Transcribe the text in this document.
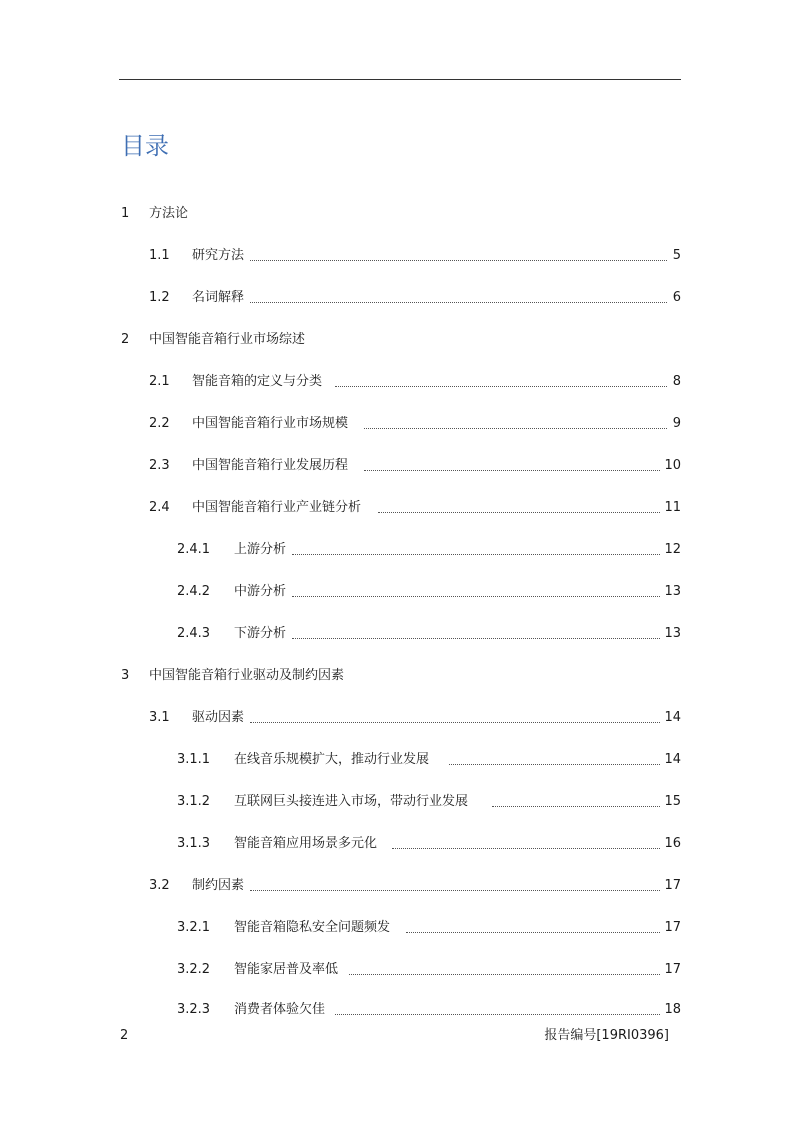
目录
1 方法论
1.1 研究方法	5
1.2 名词解释	6
2 中国智能音箱行业市场综述
2.1 智能音箱的定义与分类	8
2.2 中国智能音箱行业市场规模	9
2.3 中国智能音箱行业发展历程	10
2.4 中国智能音箱行业产业链分析	11
2.4.1 上游分析	12
2.4.2 中游分析	13
2.4.3 下游分析	13
3 中国智能音箱行业驱动及制约因素
3.1 驱动因素	14
3.1.1 在线音乐规模扩大，推动行业发展	14
3.1.2 互联网巨头接连进入市场，带动行业发展	15
3.1.3 智能音箱应用场景多元化	16
3.2 制约因素	17
3.2.1 智能音箱隐私安全问题频发	17
3.2.2 智能家居普及率低	17
3.2.3 消费者体验欠佳	18
2	报告编号[19RI0396]
